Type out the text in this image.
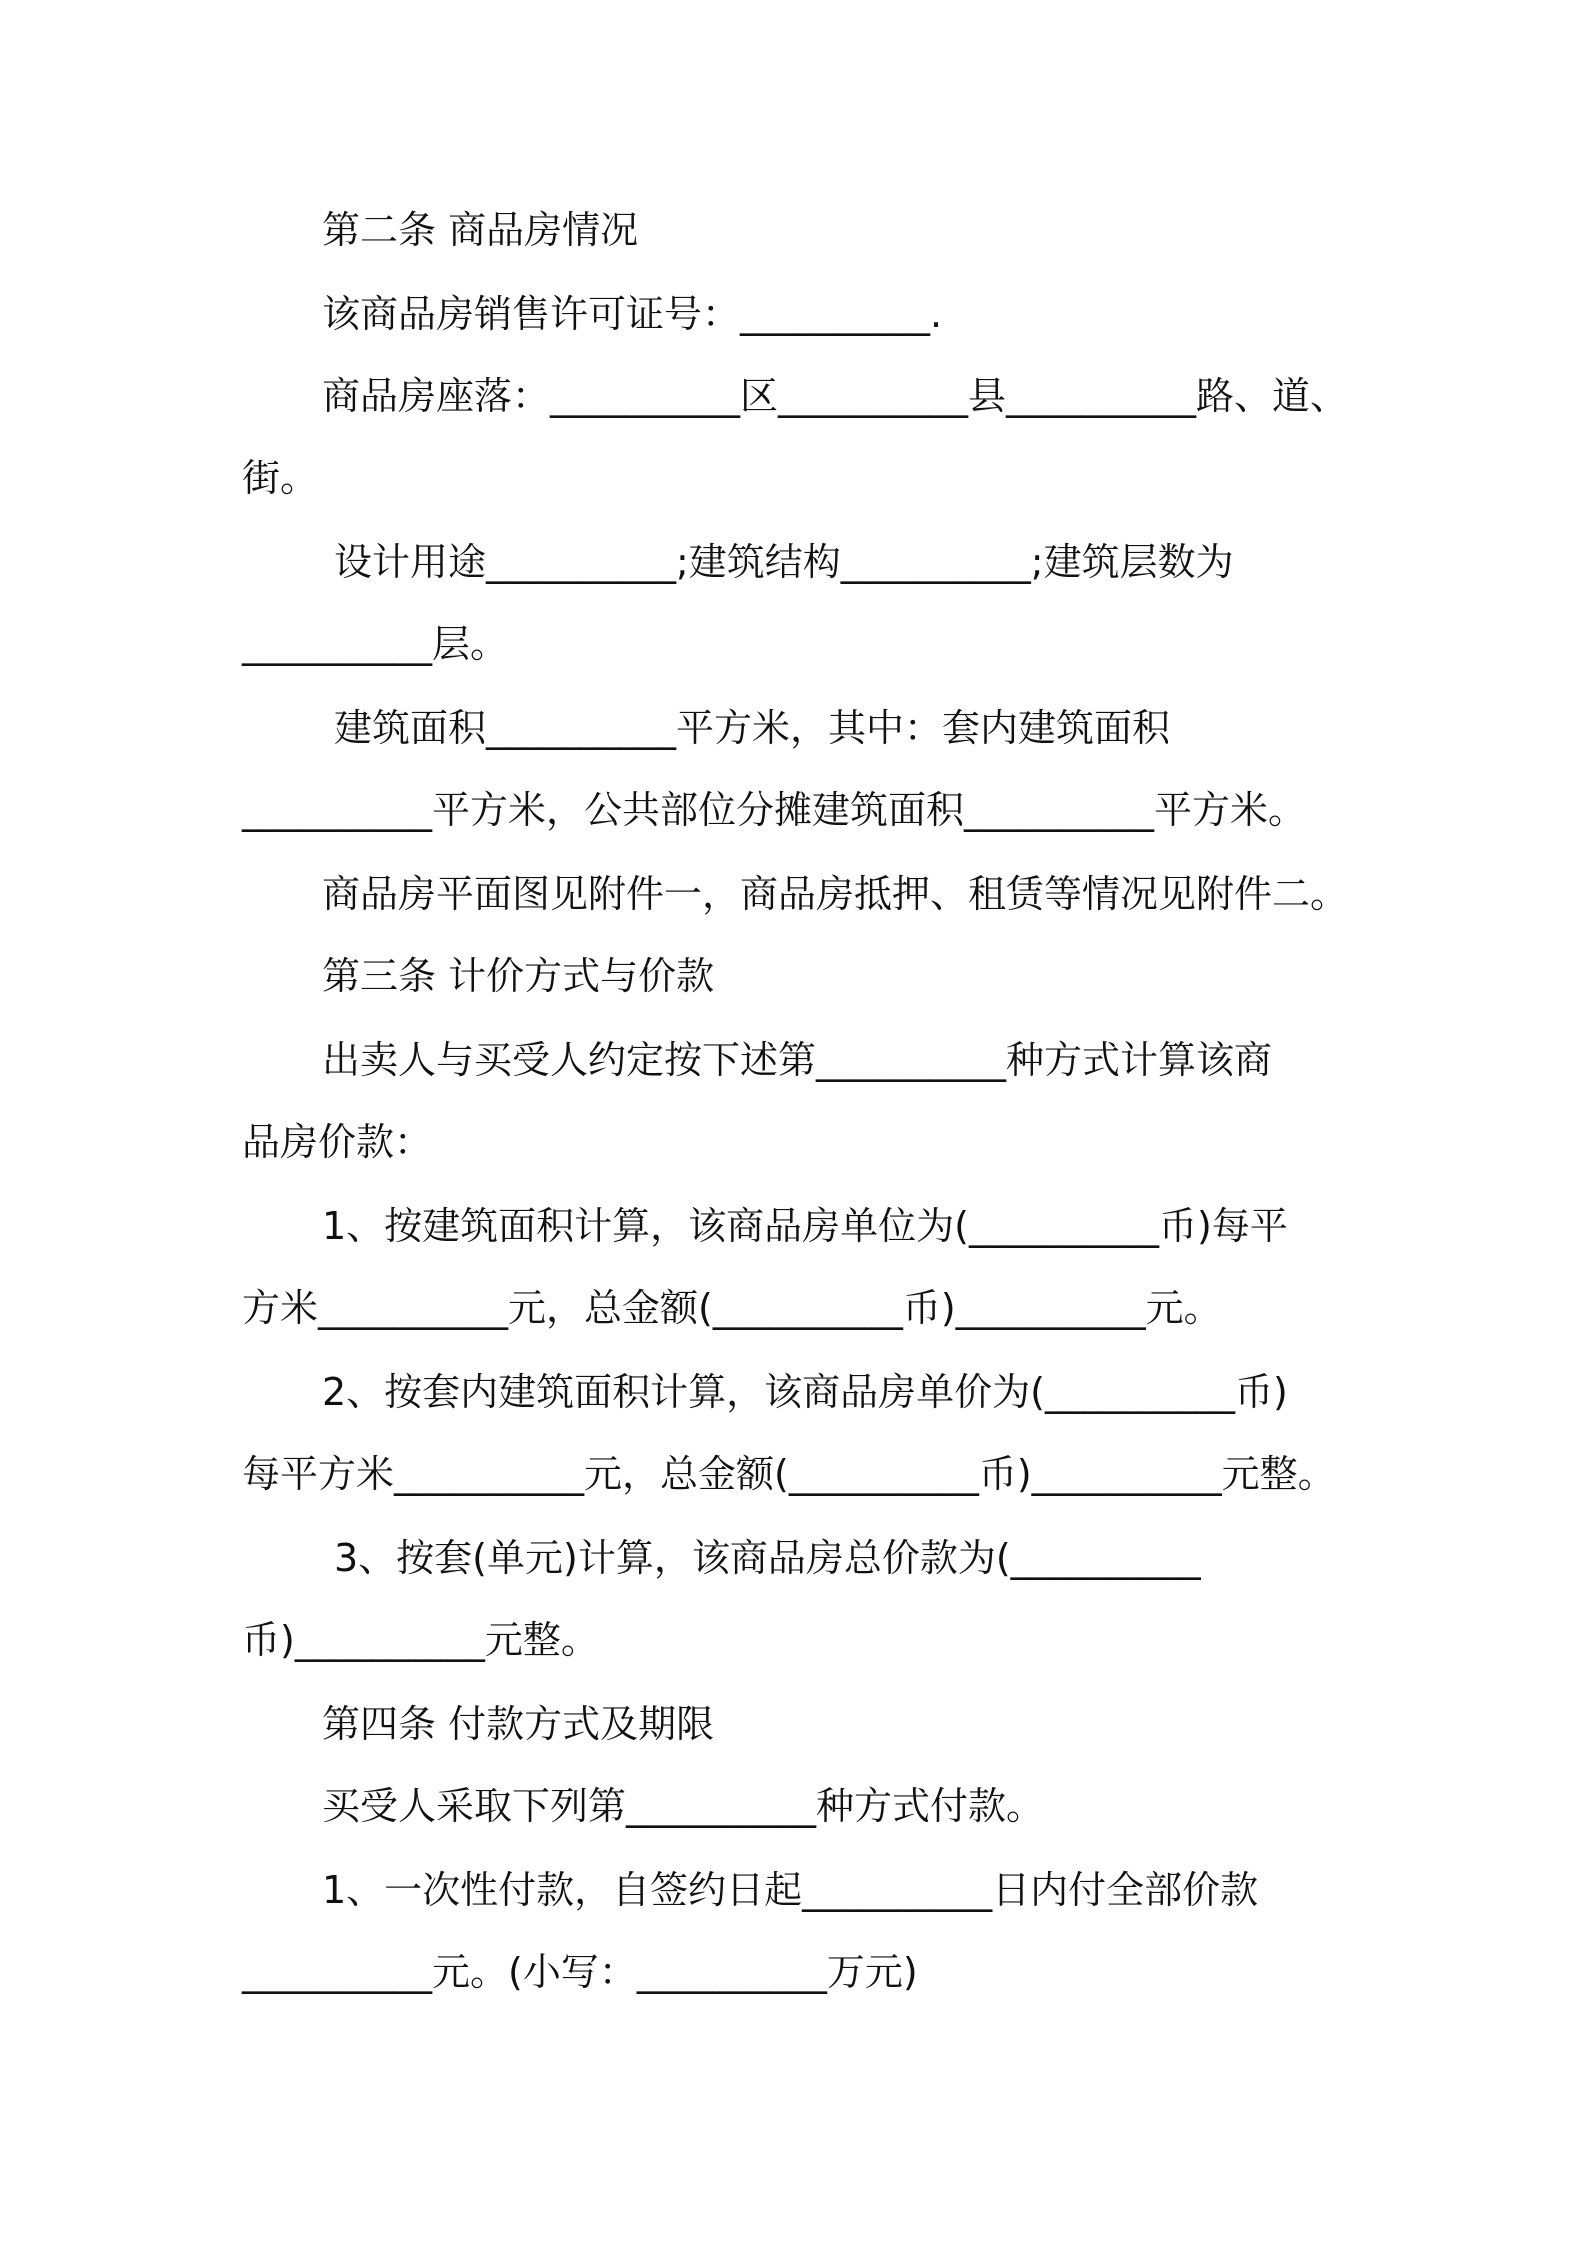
第二条 商品房情况

该商品房销售许可证号：__________.

商品房座落：__________区__________县__________路、道、

街。

设计用途__________;建筑结构__________;建筑层数为

__________层。

建筑面积__________平方米，其中：套内建筑面积

__________平方米，公共部位分摊建筑面积__________平方米。

商品房平面图见附件一，商品房抵押、租赁等情况见附件二。

第三条 计价方式与价款

出卖人与买受人约定按下述第__________种方式计算该商

品房价款：

1、按建筑面积计算，该商品房单位为(__________币)每平

方米__________元，总金额(__________币)__________元。

2、按套内建筑面积计算，该商品房单价为(__________币)

每平方米__________元，总金额(__________币)__________元整。

3、按套(单元)计算，该商品房总价款为(__________

币)__________元整。

第四条 付款方式及期限

买受人采取下列第__________种方式付款。

1、一次性付款，自签约日起__________日内付全部价款

__________元。(小写：__________万元)
